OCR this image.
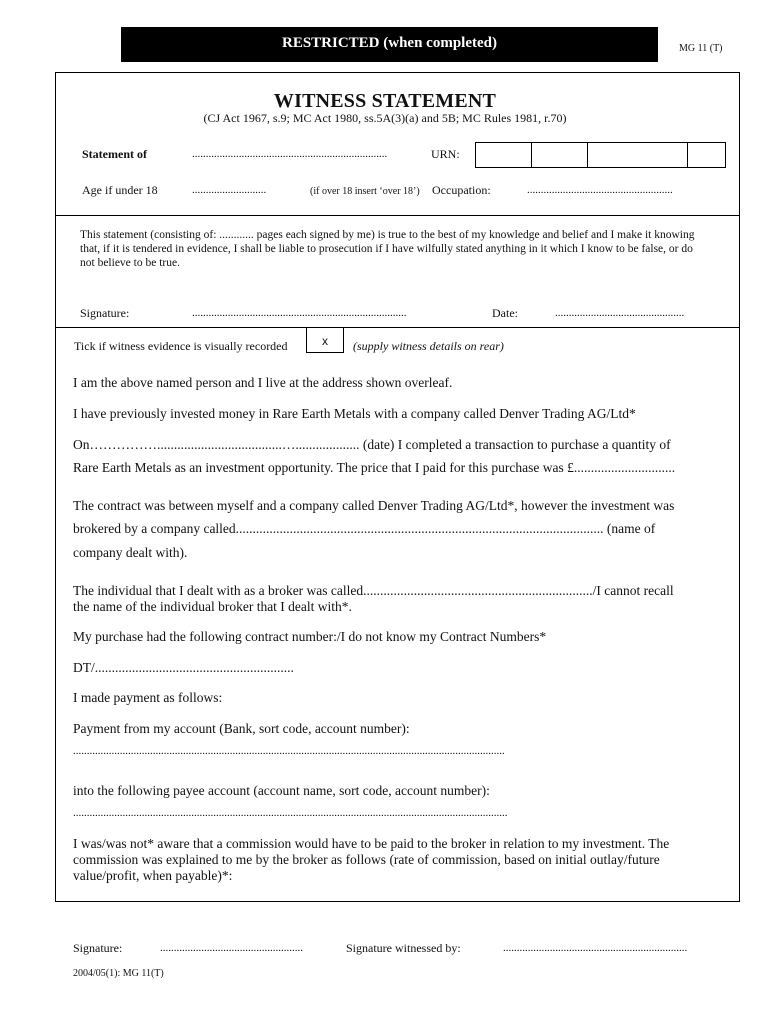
RESTRICTED (when completed)	MG 11 (T)
WITNESS STATEMENT
(CJ Act 1967, s.9; MC Act 1980, ss.5A(3)(a) and 5B; MC Rules 1981, r.70)
Statement of	.......................................................................	URN:
Age if under 18	...........................	(if over 18 insert ‘over 18’) Occupation:	.....................................................
This statement (consisting of: ............ pages each signed by me) is true to the best of my knowledge and belief and I make it knowing that, if it is tendered in evidence, I shall be liable to prosecution if I have wilfully stated anything in it which I know to be false, or do not believe to be true.
Signature:	..............................................................................	Date:	...............................................
Tick if witness evidence is visually recorded	x	(supply witness details on rear)
I am the above named person and I live at the address shown overleaf.
I have previously invested money in Rare Earth Metals with a company called Denver Trading AG/Ltd*
On…………….....................................…................... (date) I completed a transaction to purchase a quantity of
Rare Earth Metals as an investment opportunity. The price that I paid for this purchase was £..............................
The contract was between myself and a company called Denver Trading AG/Ltd*, however the investment was
brokered by a company called............................................................................................................. (name of
company dealt with).
The individual that I dealt with as a broker was called..................................................................../I cannot recall
the name of the individual broker that I dealt with*.
My purchase had the following contract number:/I do not know my Contract Numbers*
DT/...........................................................
I made payment as follows:
Payment from my account (Bank, sort code, account number):
.............................................................................................................................................................
into the following payee account (account name, sort code, account number):
..............................................................................................................................................................
I was/was not* aware that a commission would have to be paid to the broker in relation to my investment. The commission was explained to me by the broker as follows (rate of commission, based on initial outlay/future value/profit, when payable)*:
Signature:	....................................................	Signature witnessed by:	...................................................................
2004/05(1): MG 11(T)
